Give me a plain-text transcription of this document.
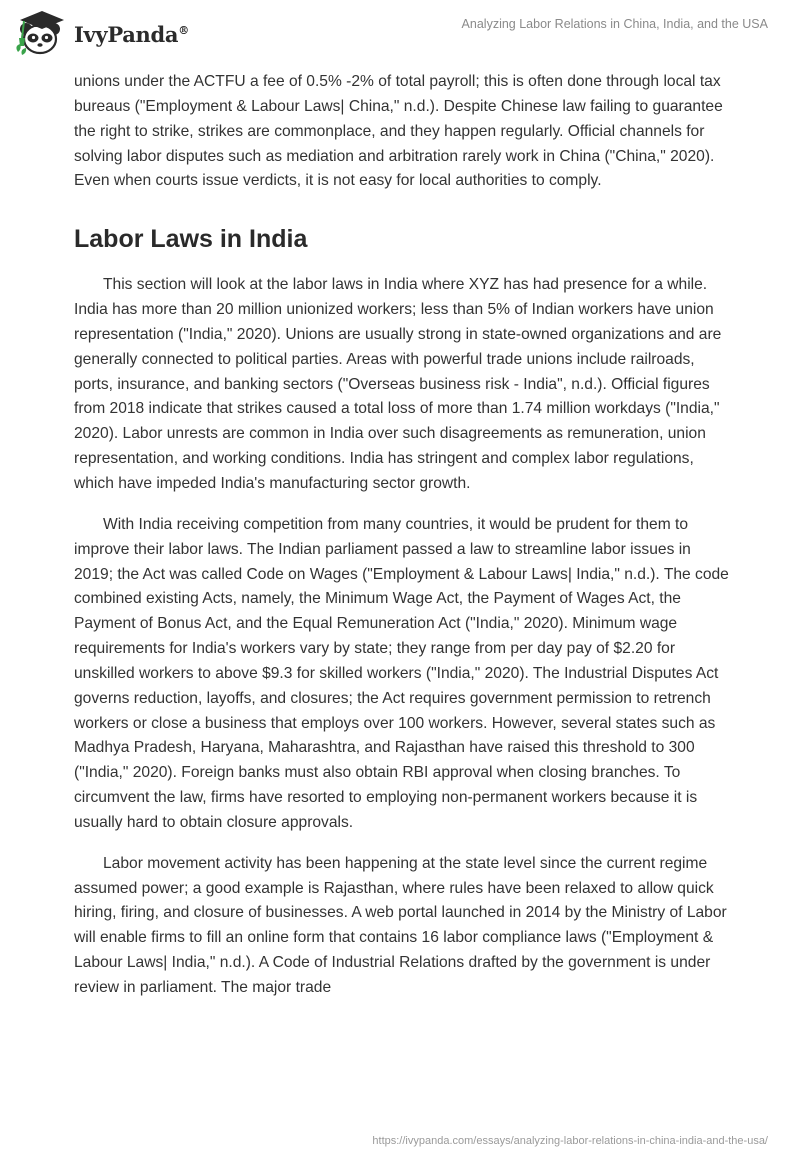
IvyPanda®	Analyzing Labor Relations in China, India, and the USA

unions under the ACTFU a fee of 0.5% -2% of total payroll; this is often done through local tax bureaus ("Employment & Labour Laws| China," n.d.). Despite Chinese law failing to guarantee the right to strike, strikes are commonplace, and they happen regularly. Official channels for solving labor disputes such as mediation and arbitration rarely work in China ("China," 2020). Even when courts issue verdicts, it is not easy for local authorities to comply.

Labor Laws in India

This section will look at the labor laws in India where XYZ has had presence for a while. India has more than 20 million unionized workers; less than 5% of Indian workers have union representation ("India," 2020). Unions are usually strong in state-owned organizations and are generally connected to political parties. Areas with powerful trade unions include railroads, ports, insurance, and banking sectors ("Overseas business risk - India", n.d.). Official figures from 2018 indicate that strikes caused a total loss of more than 1.74 million workdays ("India," 2020). Labor unrests are common in India over such disagreements as remuneration, union representation, and working conditions. India has stringent and complex labor regulations, which have impeded India's manufacturing sector growth.

With India receiving competition from many countries, it would be prudent for them to improve their labor laws. The Indian parliament passed a law to streamline labor issues in 2019; the Act was called Code on Wages ("Employment & Labour Laws| India," n.d.). The code combined existing Acts, namely, the Minimum Wage Act, the Payment of Wages Act, the Payment of Bonus Act, and the Equal Remuneration Act ("India," 2020). Minimum wage requirements for India's workers vary by state; they range from per day pay of $2.20 for unskilled workers to above $9.3 for skilled workers ("India," 2020). The Industrial Disputes Act governs reduction, layoffs, and closures; the Act requires government permission to retrench workers or close a business that employs over 100 workers. However, several states such as Madhya Pradesh, Haryana, Maharashtra, and Rajasthan have raised this threshold to 300 ("India," 2020). Foreign banks must also obtain RBI approval when closing branches. To circumvent the law, firms have resorted to employing non-permanent workers because it is usually hard to obtain closure approvals.

Labor movement activity has been happening at the state level since the current regime assumed power; a good example is Rajasthan, where rules have been relaxed to allow quick hiring, firing, and closure of businesses. A web portal launched in 2014 by the Ministry of Labor will enable firms to fill an online form that contains 16 labor compliance laws ("Employment & Labour Laws| India," n.d.). A Code of Industrial Relations drafted by the government is under review in parliament. The major trade

https://ivypanda.com/essays/analyzing-labor-relations-in-china-india-and-the-usa/
